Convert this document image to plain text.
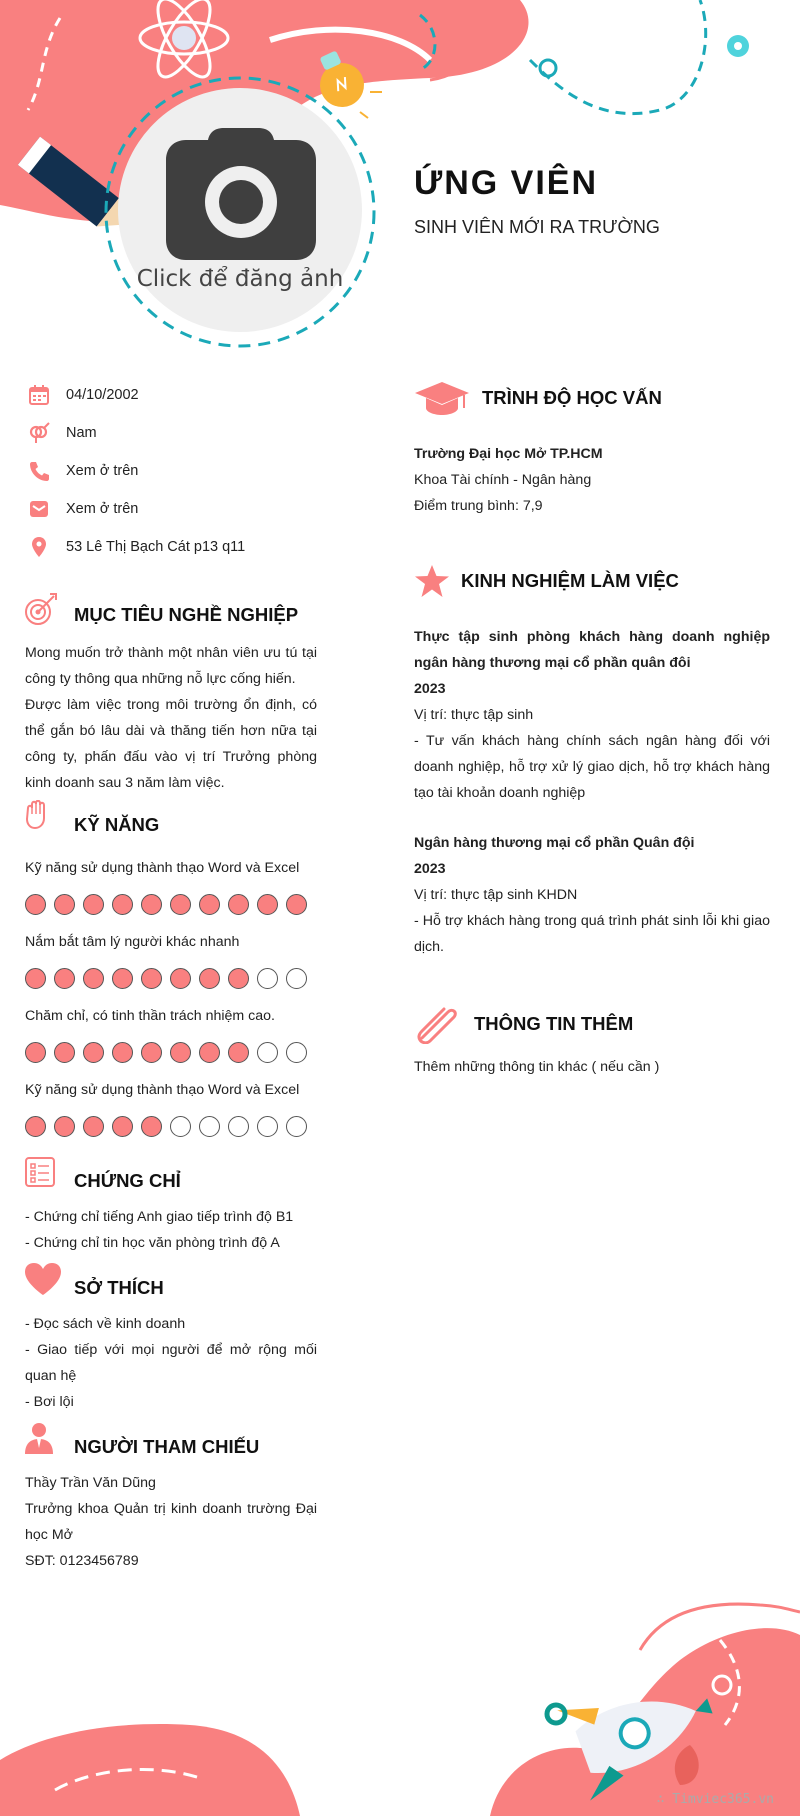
Click để đăng ảnh
ỨNG VIÊN
SINH VIÊN MỚI RA TRƯỜNG
04/10/2002
Nam
Xem ở trên
Xem ở trên
53 Lê Thị Bạch Cát p13 q11
MỤC TIÊU NGHỀ NGHIỆP

Mong muốn trở thành một nhân viên ưu tú tại công ty thông qua những nỗ lực cống hiến.

Được làm việc trong môi trường ổn định, có thể gắn bó lâu dài và thăng tiến hơn nữa tại công ty, phấn đấu vào vị trí Trưởng phòng kinh doanh sau 3 năm làm việc.

KỸ NĂNG
Kỹ năng sử dụng thành thạo Word và Excel
Nắm bắt tâm lý người khác nhanh
Chăm chỉ, có tinh thần trách nhiệm cao.
Kỹ năng sử dụng thành thạo Word và Excel
CHỨNG CHỈ

- Chứng chỉ tiếng Anh giao tiếp trình độ B1

- Chứng chỉ tin học văn phòng trình độ A

SỞ THÍCH

- Đọc sách về kinh doanh

- Giao tiếp với mọi người để mở rộng mối quan hệ

- Bơi lội

NGƯỜI THAM CHIẾU

Thầy Trần Văn Dũng

Trưởng khoa Quản trị kinh doanh trường Đại học Mở

SĐT: 0123456789

TRÌNH ĐỘ HỌC VẤN

Trường Đại học Mở TP.HCM

Khoa Tài chính - Ngân hàng

Điểm trung bình: 7,9

KINH NGHIỆM LÀM VIỆC

Thực tập sinh phòng khách hàng doanh nghiệp ngân hàng thương mại cổ phần quân đôi

2023

Vị trí: thực tập sinh

- Tư vấn khách hàng chính sách ngân hàng đối với doanh nghiệp, hỗ trợ xử lý giao dịch, hỗ trợ khách hàng tạo tài khoản doanh nghiệp

Ngân hàng thương mại cổ phần Quân đội

2023

Vị trí: thực tập sinh KHDN

- Hỗ trợ khách hàng trong quá trình phát sinh lỗi khi giao dịch.

THÔNG TIN THÊM

Thêm những thông tin khác ( nếu cần )

∴ Timviec365.vn
